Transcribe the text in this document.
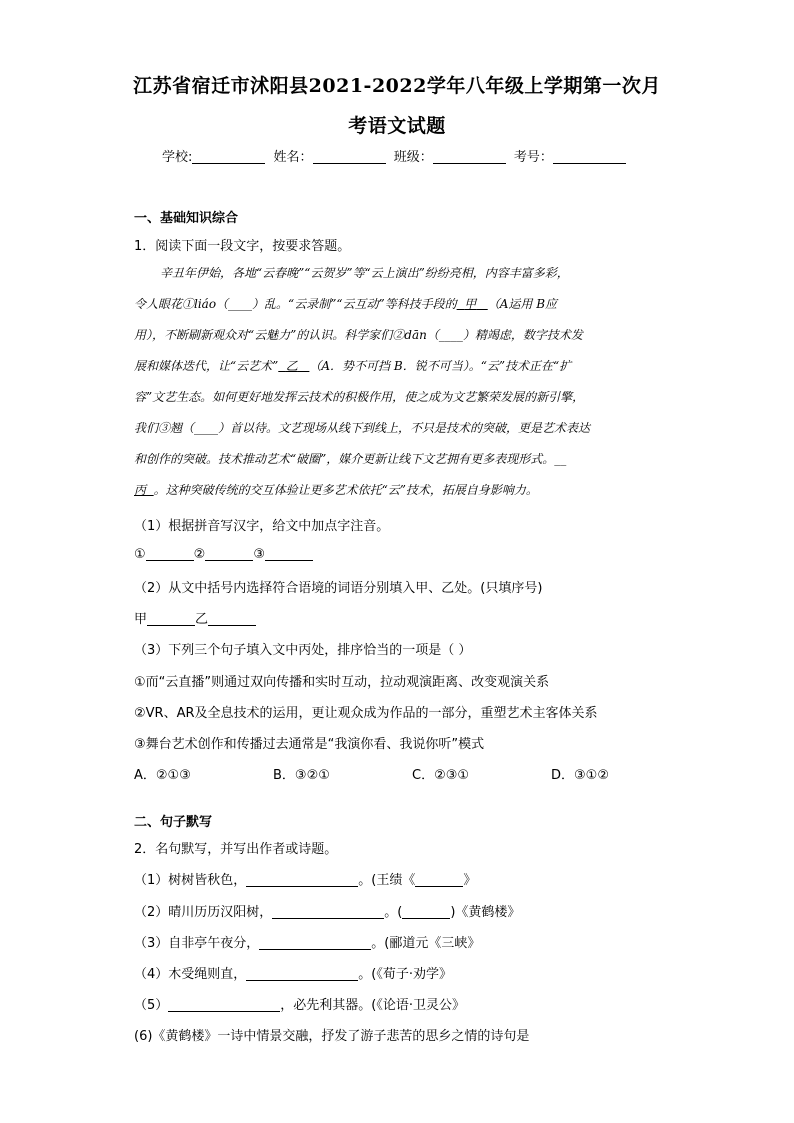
江苏省宿迁市沭阳县2021-2022学年八年级上学期第一次月
考语文试题
学校:	姓名：	班级：	考号：
一、基础知识综合
1．阅读下面一段文字，按要求答题。

辛丑年伊始，各地“云春晚”“云贺岁”等“云上演出”纷纷亮相，内容丰富多彩，

令人眼花①liáo（____）乱。“云录制”“云互动”等科技手段的 甲 （A运用 B应

用），不断刷新观众对“云魅力”的认识。科学家们②dān（____）精竭虑，数字技术发

展和媒体迭代，让“云艺术” 乙 （A．势不可挡 B．锐不可当）。“云”技术正在“扩

容”文艺生态。如何更好地发挥云技术的积极作用，使之成为文艺繁荣发展的新引擎，

我们③翘（____）首以待。文艺现场从线下到线上，不只是技术的突破，更是艺术表达

和创作的突破。技术推动艺术“破圈”，媒介更新让线下文艺拥有更多表现形式。__

丙 。这种突破传统的交互体验让更多艺术依托“云”技术，拓展自身影响力。

（1）根据拼音写汉字，给文中加点字注音。
①	②	③
（2）从文中括号内选择符合语境的词语分别填入甲、乙处。(只填序号)
甲	乙
（3）下列三个句子填入文中丙处，排序恰当的一项是（ ）
①而“云直播”则通过双向传播和实时互动，拉动观演距离、改变观演关系
②VR、AR及全息技术的运用，更让观众成为作品的一部分，重塑艺术主客体关系
③舞台艺术创作和传播过去通常是“我演你看、我说你听”模式
A．②①③	B．③②①	C．②③①	D．③①②
二、句子默写
2．名句默写，并写出作者或诗题。
（1）树树皆秋色，	。(王绩《	》
（2）晴川历历汉阳树，	。(	)《黄鹤楼》
（3）自非亭午夜分，	。(郦道元《三峡》
（4）木受绳则直，	。(《荀子·劝学》
（5）	，必先利其器。(《论语·卫灵公》
(6)《黄鹤楼》一诗中情景交融，抒发了游子悲苦的思乡之情的诗句是
